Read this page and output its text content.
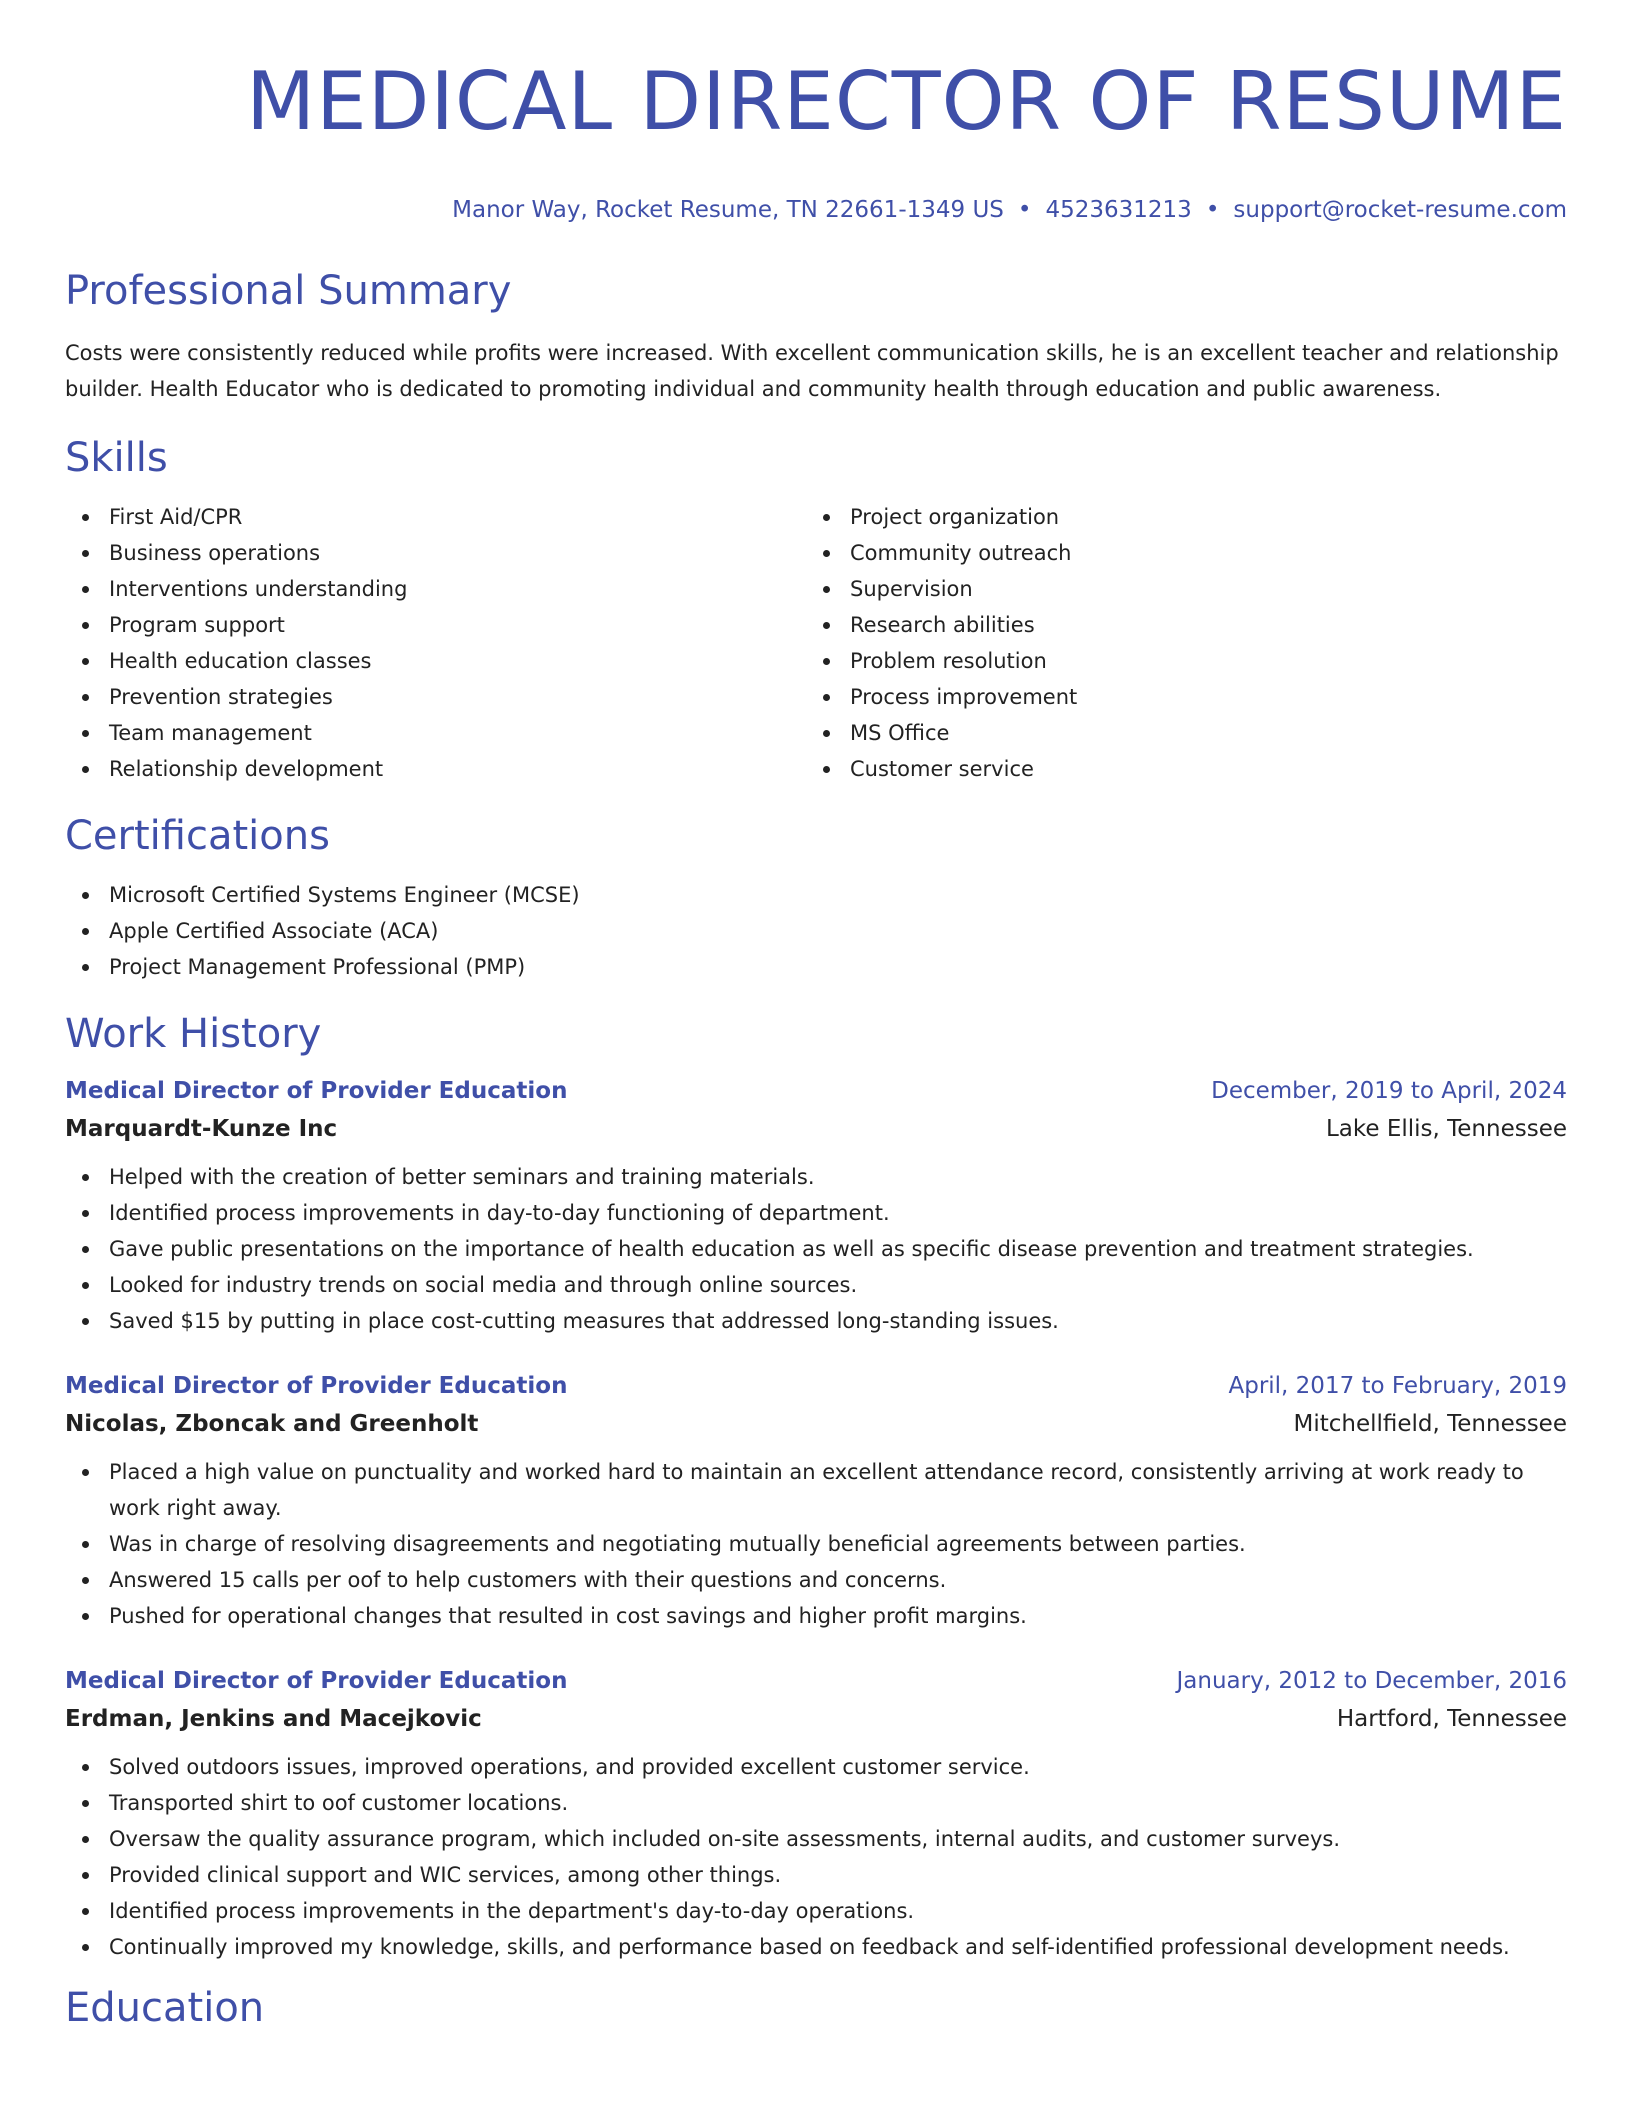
MEDICAL DIRECTOR OF RESUME
Manor Way, Rocket Resume, TN 22661-1349 US • 4523631213 • support@rocket-resume.com
Professional Summary

Costs were consistently reduced while profits were increased. With excellent communication skills, he is an excellent teacher and relationship builder. Health Educator who is dedicated to promoting individual and community health through education and public awareness.

Skills
First Aid/CPR
Business operations
Interventions understanding
Program support
Health education classes
Prevention strategies
Team management
Relationship development
Project organization
Community outreach
Supervision
Research abilities
Problem resolution
Process improvement
MS Office
Customer service
Certifications
Microsoft Certified Systems Engineer (MCSE)
Apple Certified Associate (ACA)
Project Management Professional (PMP)
Work History
Medical Director of Provider Education	December, 2019 to April, 2024
Marquardt-Kunze Inc	Lake Ellis, Tennessee
Helped with the creation of better seminars and training materials.
Identified process improvements in day-to-day functioning of department.
Gave public presentations on the importance of health education as well as specific disease prevention and treatment strategies.
Looked for industry trends on social media and through online sources.
Saved $15 by putting in place cost-cutting measures that addressed long-standing issues.
Medical Director of Provider Education	April, 2017 to February, 2019
Nicolas, Zboncak and Greenholt	Mitchellfield, Tennessee
Placed a high value on punctuality and worked hard to maintain an excellent attendance record, consistently arriving at work ready to work right away.
Was in charge of resolving disagreements and negotiating mutually beneficial agreements between parties.
Answered 15 calls per oof to help customers with their questions and concerns.
Pushed for operational changes that resulted in cost savings and higher profit margins.
Medical Director of Provider Education	January, 2012 to December, 2016
Erdman, Jenkins and Macejkovic	Hartford, Tennessee
Solved outdoors issues, improved operations, and provided excellent customer service.
Transported shirt to oof customer locations.
Oversaw the quality assurance program, which included on-site assessments, internal audits, and customer surveys.
Provided clinical support and WIC services, among other things.
Identified process improvements in the department's day-to-day operations.
Continually improved my knowledge, skills, and performance based on feedback and self-identified professional development needs.
Education
